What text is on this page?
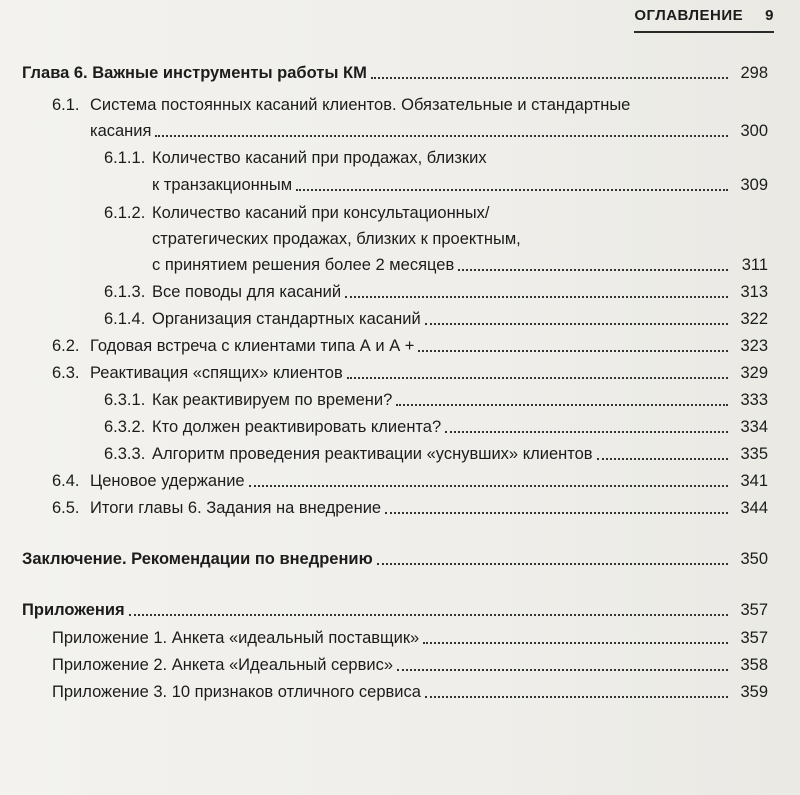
ОГЛАВЛЕНИЕ 9
Глава 6. Важные инструменты работы КМ	298
6.1. Система постоянных касаний клиентов. Обязательные и стандартные
касания	300
6.1.1. Количество касаний при продажах, близких
к транзакционным	309
6.1.2. Количество касаний при консультационных/
стратегических продажах, близких к проектным,
с принятием решения более 2 месяцев	311
6.1.3. Все поводы для касаний	313
6.1.4. Организация стандартных касаний	322
6.2. Годовая встреча с клиентами типа А и А +	323
6.3. Реактивация «спящих» клиентов	329
6.3.1. Как реактивируем по времени?	333
6.3.2. Кто должен реактивировать клиента?	334
6.3.3. Алгоритм проведения реактивации «уснувших» клиентов	335
6.4. Ценовое удержание	341
6.5. Итоги главы 6. Задания на внедрение	344
Заключение. Рекомендации по внедрению	350
Приложения	357
Приложение 1. Анкета «идеальный поставщик»	357
Приложение 2. Анкета «Идеальный сервис»	358
Приложение 3. 10 признаков отличного сервиса	359
